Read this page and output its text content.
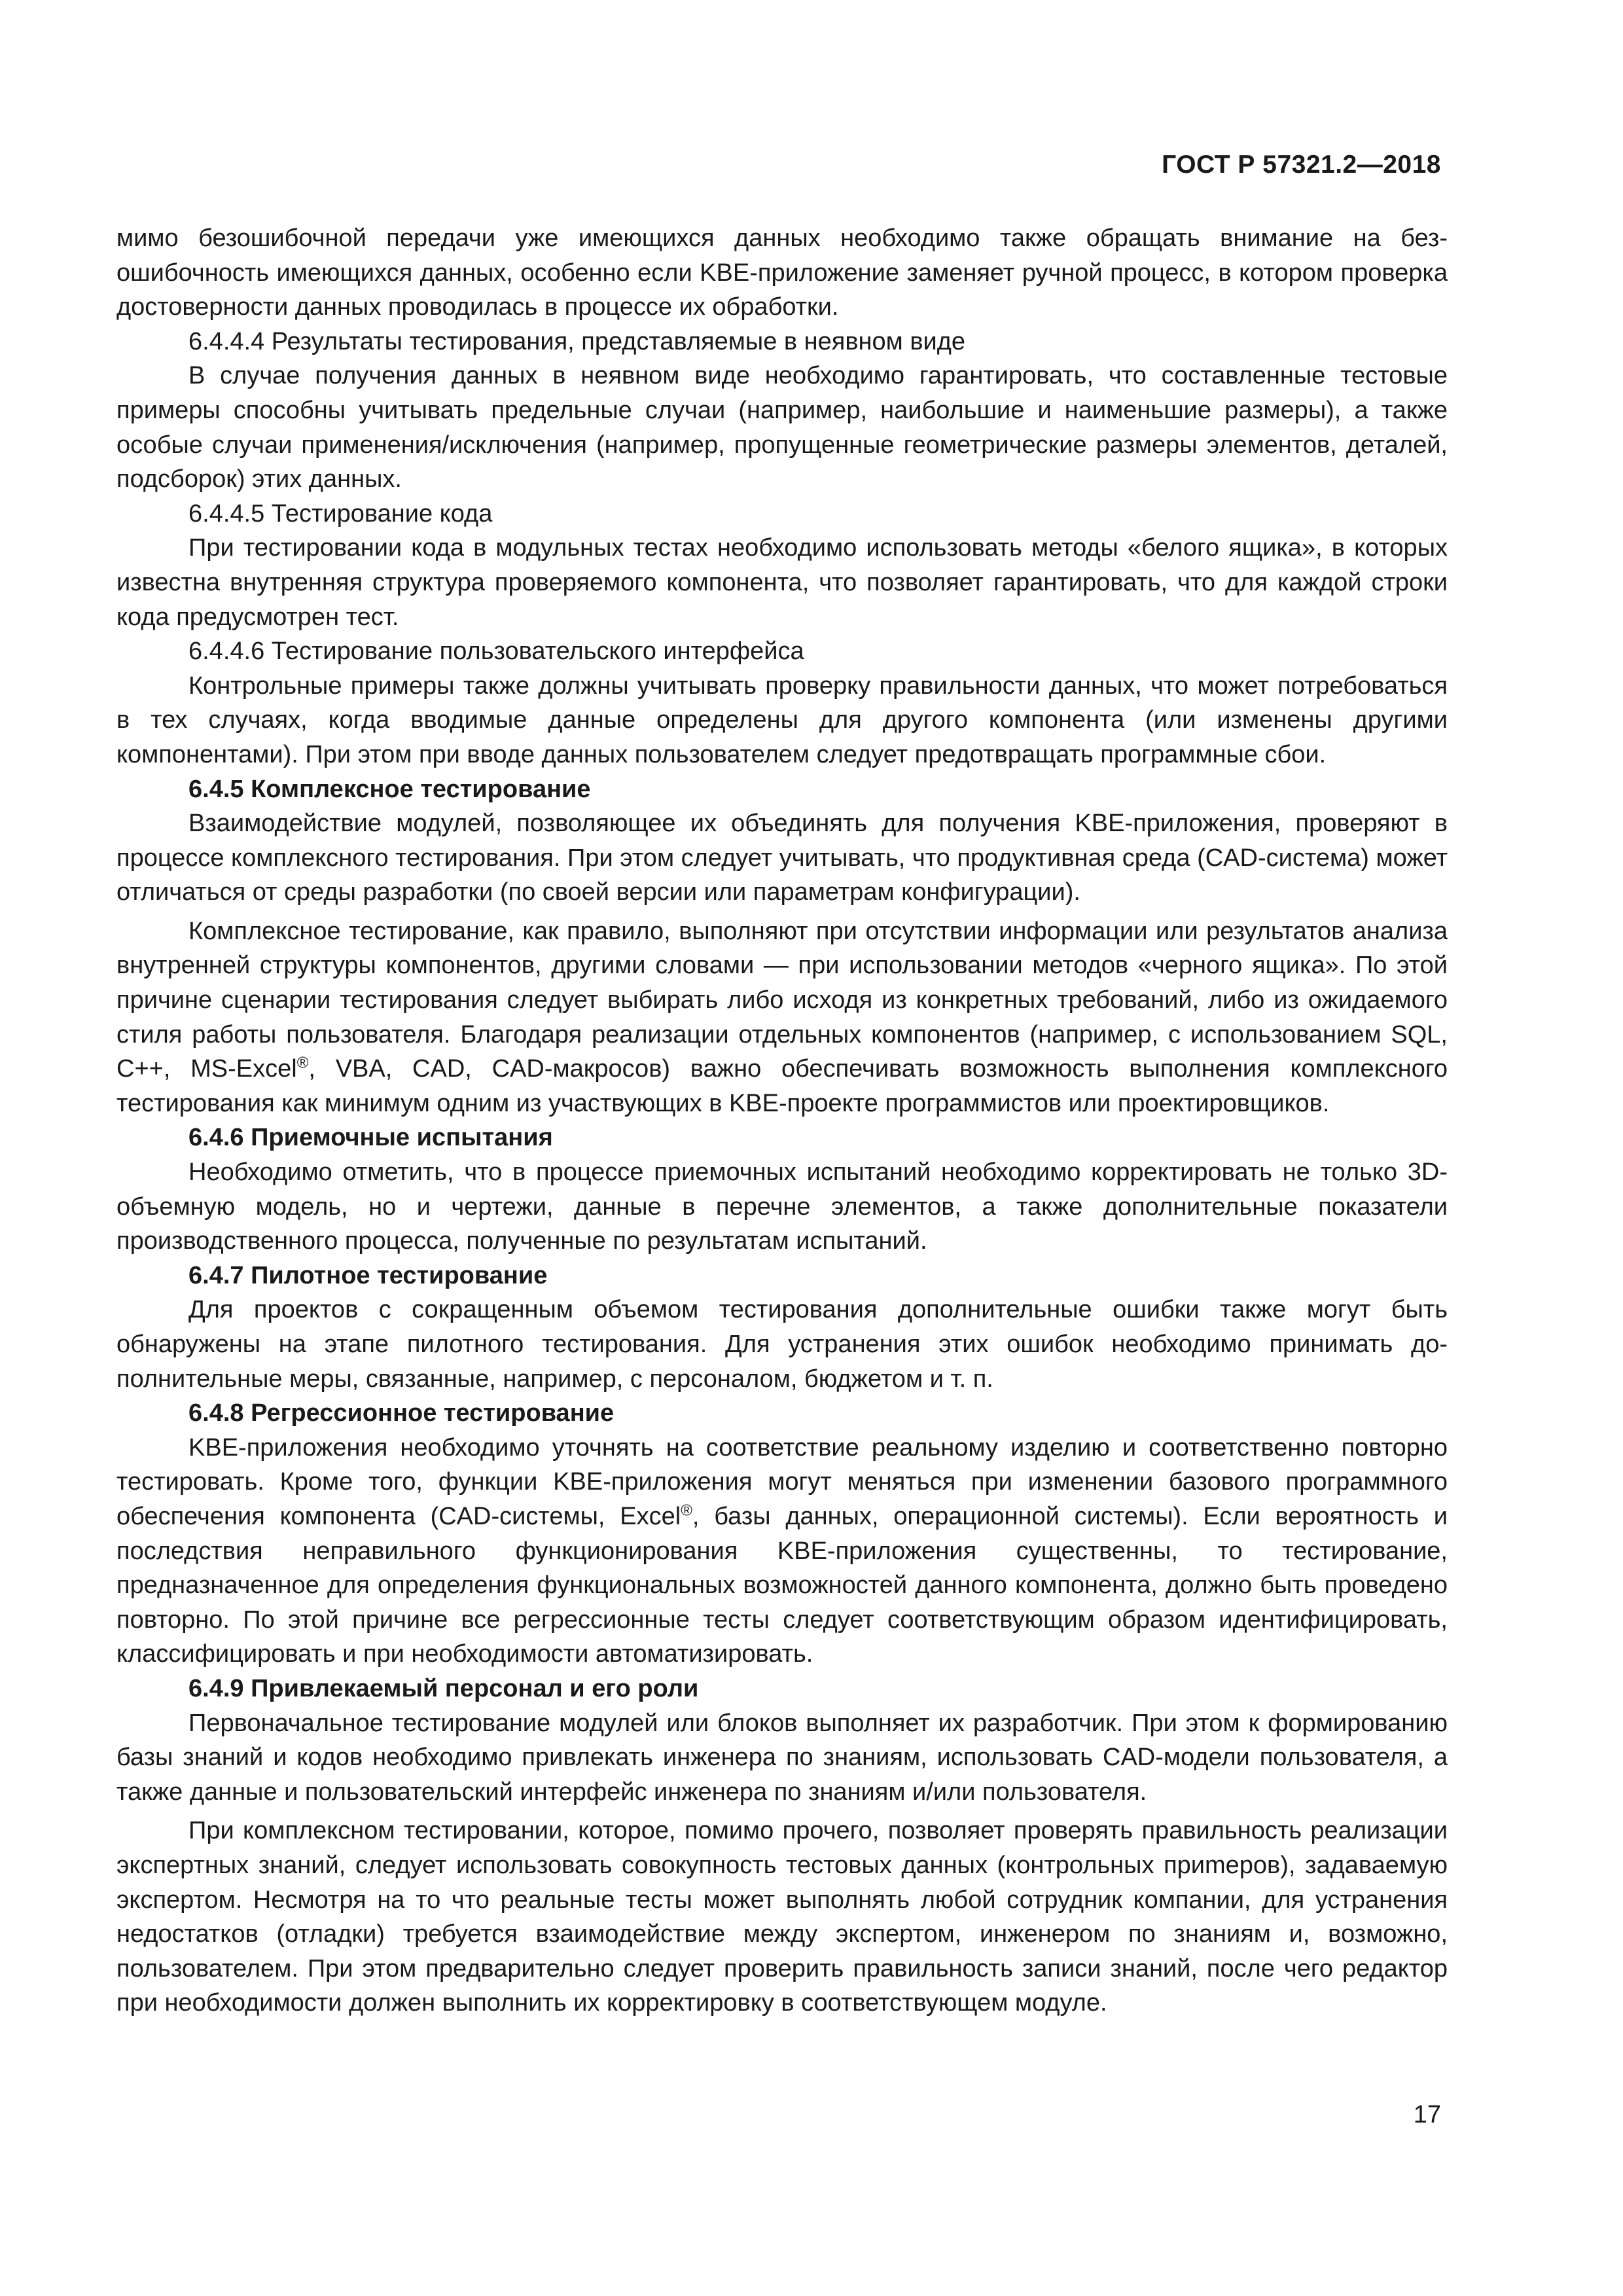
ГОСТ Р 57321.2—2018

мимо безошибочной передачи уже имеющихся данных необходимо также обращать внимание на безошибочность имеющихся данных, особенно если KBE-приложение заменяет ручной процесс, в котором проверка достоверности данных проводилась в процессе их обработки.

6.4.4.4 Результаты тестирования, представляемые в неявном виде

В случае получения данных в неявном виде необходимо гарантировать, что составленные тестовые примеры способны учитывать предельные случаи (например, наибольшие и наименьшие размеры), а также особые случаи применения/исключения (например, пропущенные геометрические размеры элементов, деталей, подсборок) этих данных.

6.4.4.5 Тестирование кода

При тестировании кода в модульных тестах необходимо использовать методы «белого ящика», в которых известна внутренняя структура проверяемого компонента, что позволяет гарантировать, что для каждой строки кода предусмотрен тест.

6.4.4.6 Тестирование пользовательского интерфейса

Контрольные примеры также должны учитывать проверку правильности данных, что может потребоваться в тех случаях, когда вводимые данные определены для другого компонента (или изменены другими компонентами). При этом при вводе данных пользователем следует предотвращать программные сбои.

6.4.5 Комплексное тестирование

Взаимодействие модулей, позволяющее их объединять для получения KBE-приложения, проверяют в процессе комплексного тестирования. При этом следует учитывать, что продуктивная среда (CAD-система) может отличаться от среды разработки (по своей версии или параметрам конфигурации).

Комплексное тестирование, как правило, выполняют при отсутствии информации или результатов анализа внутренней структуры компонентов, другими словами — при использовании методов «черного ящика». По этой причине сценарии тестирования следует выбирать либо исходя из конкретных требований, либо из ожидаемого стиля работы пользователя. Благодаря реализации отдельных компонентов (например, с использованием SQL, C++, MS-Excel®, VBA, CAD, CAD-макросов) важно обеспечивать возможность выполнения комплексного тестирования как минимум одним из участвующих в KBE-проекте программистов или проектировщиков.

6.4.6 Приемочные испытания

Необходимо отметить, что в процессе приемочных испытаний необходимо корректировать не только 3D-объемную модель, но и чертежи, данные в перечне элементов, а также дополнительные показатели производственного процесса, полученные по результатам испытаний.

6.4.7 Пилотное тестирование

Для проектов с сокращенным объемом тестирования дополнительные ошибки также могут быть обнаружены на этапе пилотного тестирования. Для устранения этих ошибок необходимо принимать дополнительные меры, связанные, например, с персоналом, бюджетом и т. п.

6.4.8 Регрессионное тестирование

KBE-приложения необходимо уточнять на соответствие реальному изделию и соответственно повторно тестировать. Кроме того, функции KBE-приложения могут меняться при изменении базового программного обеспечения компонента (CAD-системы, Excel®, базы данных, операционной системы). Если вероятность и последствия неправильного функционирования KBE-приложения существенны, то тестирование, предназначенное для определения функциональных возможностей данного компонента, должно быть проведено повторно. По этой причине все регрессионные тесты следует соответствующим образом идентифицировать, классифицировать и при необходимости автоматизировать.

6.4.9 Привлекаемый персонал и его роли

Первоначальное тестирование модулей или блоков выполняет их разработчик. При этом к формированию базы знаний и кодов необходимо привлекать инженера по знаниям, использовать CAD-модели пользователя, а также данные и пользовательский интерфейс инженера по знаниям и/или пользователя.

При комплексном тестировании, которое, помимо прочего, позволяет проверять правильность реализации экспертных знаний, следует использовать совокупность тестовых данных (контрольных приmеров), задаваемую экспертом. Несмотря на то что реальные тесты может выполнять любой сотрудник компании, для устранения недостатков (отладки) требуется взаимодействие между экспертом, инженером по знаниям и, возможно, пользователем. При этом предварительно следует проверить правильность записи знаний, после чего редактор при необходимости должен выполнить их корректировку в соответствующем модуле.

17
